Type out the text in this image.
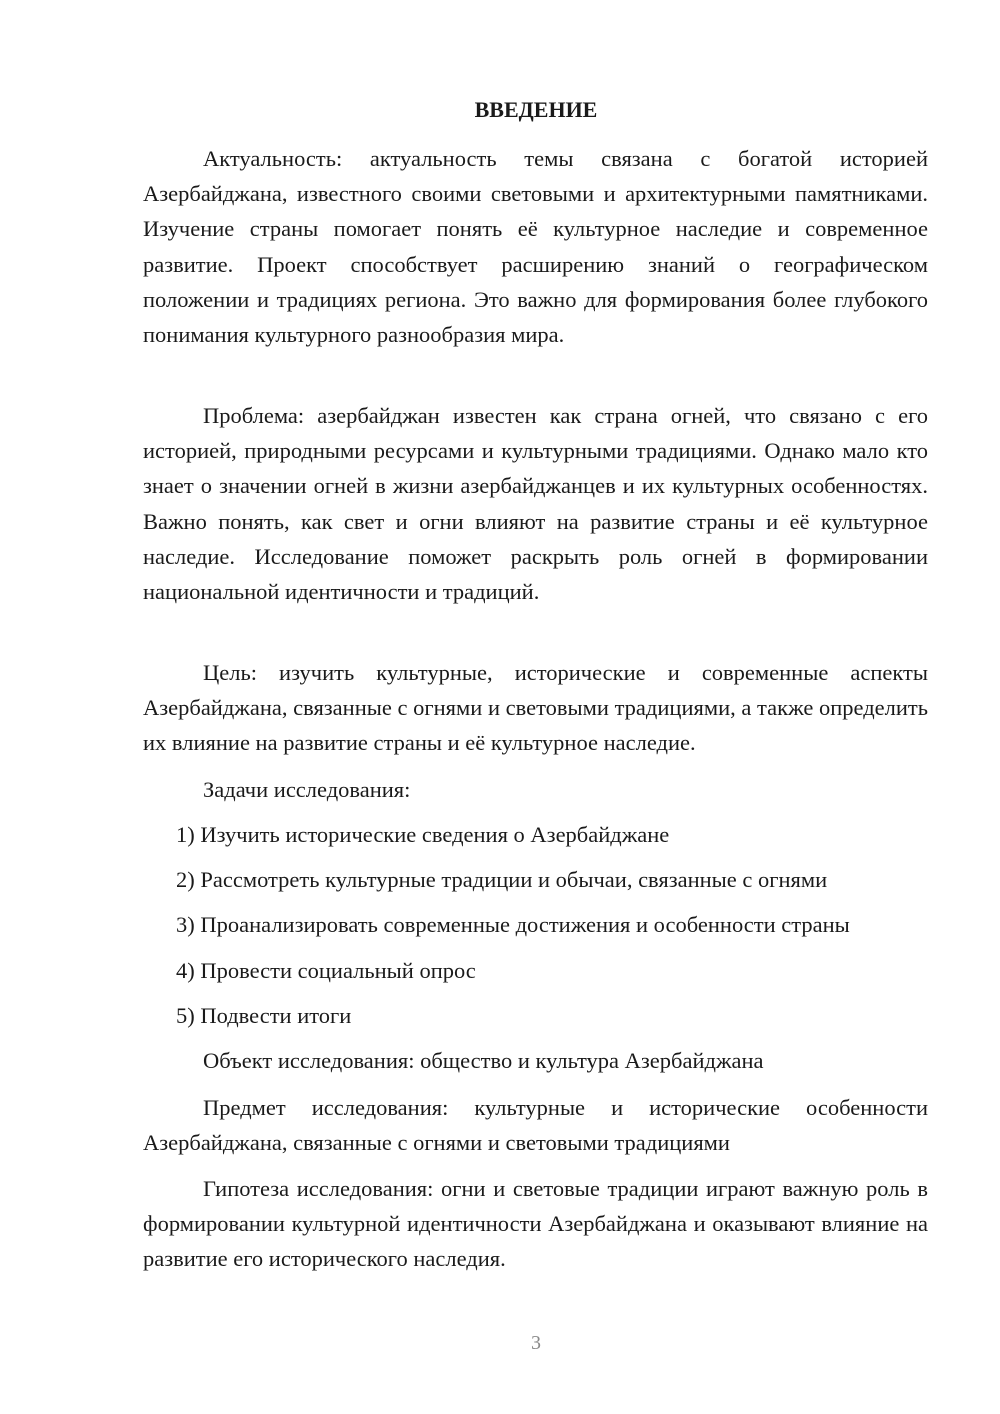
ВВЕДЕНИЕ

Актуальность: актуальность темы связана с богатой историей Азербайджана, известного своими световыми и архитектурными памятниками. Изучение страны помогает понять её культурное наследие и современное развитие. Проект способствует расширению знаний о географическом положении и традициях региона. Это важно для формирования более глубокого понимания культурного разнообразия мира.

Проблема: азербайджан известен как страна огней, что связано с его историей, природными ресурсами и культурными традициями. Однако мало кто знает о значении огней в жизни азербайджанцев и их культурных особенностях. Важно понять, как свет и огни влияют на развитие страны и её культурное наследие. Исследование поможет раскрыть роль огней в формировании национальной идентичности и традиций.

Цель: изучить культурные, исторические и современные аспекты Азербайджана, связанные с огнями и световыми традициями, а также определить их влияние на развитие страны и её культурное наследие.

Задачи исследования:

1) Изучить исторические сведения о Азербайджане

2) Рассмотреть культурные традиции и обычаи, связанные с огнями

3) Проанализировать современные достижения и особенности страны

4) Провести социальный опрос

5) Подвести итоги

Объект исследования: общество и культура Азербайджана

Предмет исследования: культурные и исторические особенности Азербайджана, связанные с огнями и световыми традициями

Гипотеза исследования: огни и световые традиции играют важную роль в формировании культурной идентичности Азербайджана и оказывают влияние на развитие его исторического наследия.

3
